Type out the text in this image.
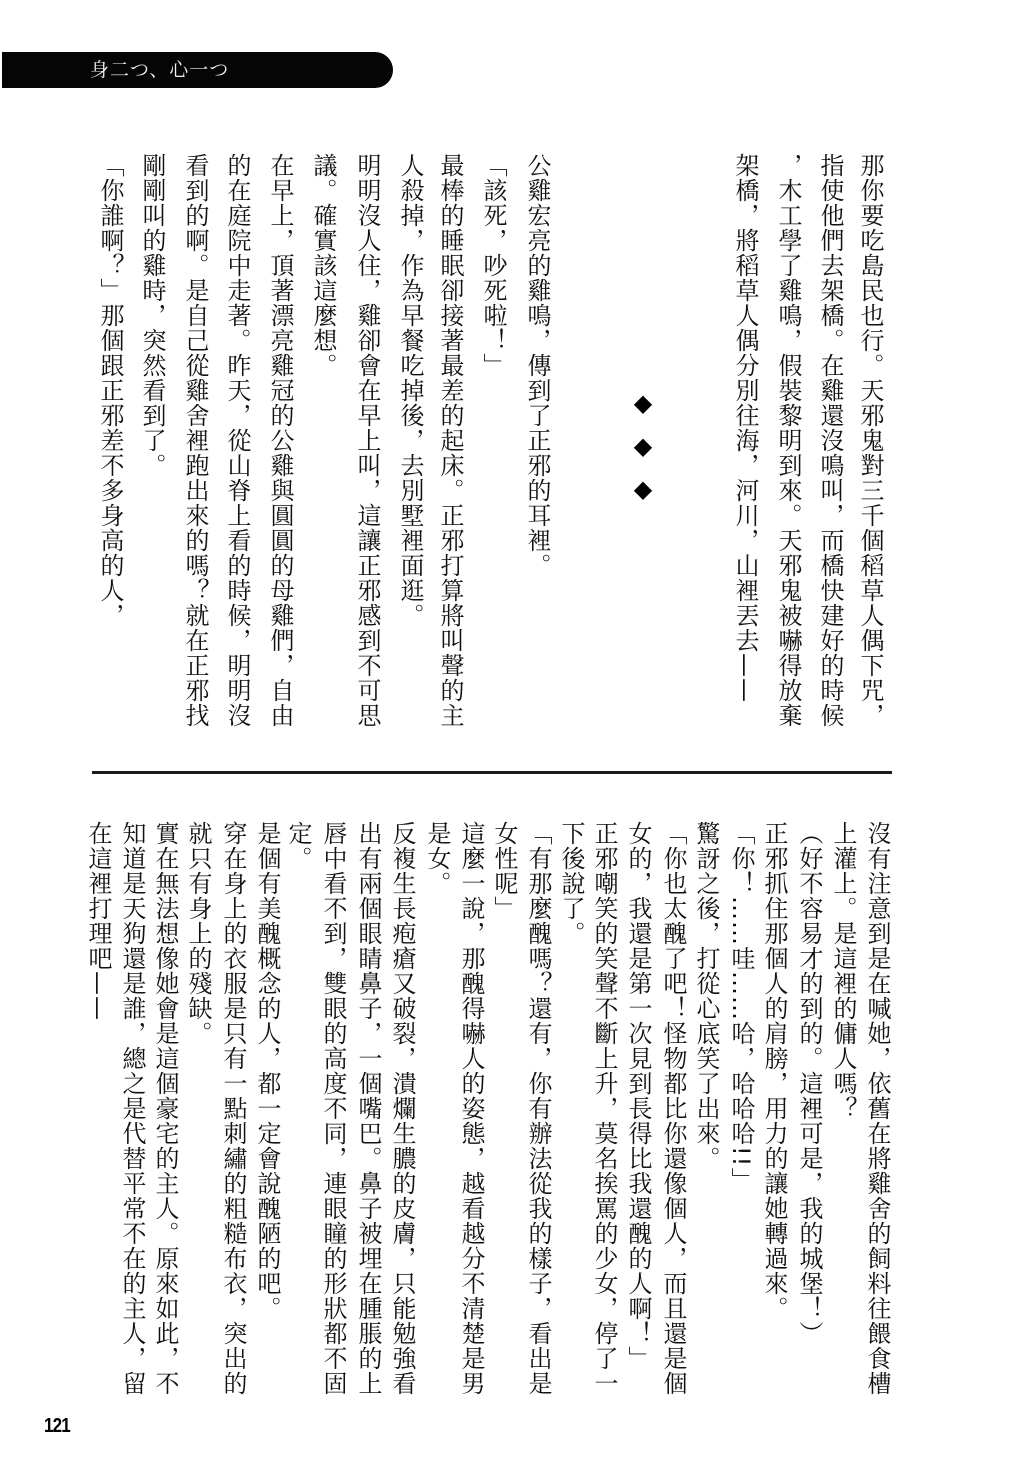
身二つ、心一つ
那你要吃島民也行。天邪鬼對三千個稻草人偶下咒，
指使他們去架橋。在雞還沒鳴叫，而橋快建好的時候
，木工學了雞鳴，假裝黎明到來。天邪鬼被嚇得放棄
架橋，將稻草人偶分別往海，河川，山裡丟去——
◆
◆
◆
公雞宏亮的雞鳴，傳到了正邪的耳裡。
「該死，吵死啦！」
最棒的睡眠卻接著最差的起床。正邪打算將叫聲的主
人殺掉，作為早餐吃掉後，去別墅裡面逛。
明明沒人住，雞卻會在早上叫，這讓正邪感到不可思
議。確實該這麼想。
在早上，頂著漂亮雞冠的公雞與圓圓的母雞們，自由
的在庭院中走著。昨天，從山脊上看的時候，明明沒
看到的啊。是自己從雞舍裡跑出來的嗎？就在正邪找
剛剛叫的雞時，突然看到了。
「你誰啊？」那個跟正邪差不多身高的人，
沒有注意到是在喊她，依舊在將雞舍的飼料往餵食槽
上灌上。是這裡的傭人嗎？
（好不容易才的到的。這裡可是，我的城堡！）
正邪抓住那個人的肩膀，用力的讓她轉過來。
「你！……哇……哈，哈哈哈!!」
驚訝之後，打從心底笑了出來。
「你也太醜了吧！怪物都比你還像個人，而且還是個
女的，我還是第一次見到長得比我還醜的人啊！」
正邪嘲笑的笑聲不斷上升，莫名挨罵的少女，停了一
下後說了。
「有那麼醜嗎？還有，你有辦法從我的樣子，看出是
女性呢」
這麼一說，那醜得嚇人的姿態，越看越分不清楚是男
是女。
反複生長疱瘡又破裂，潰爛生膿的皮膚，只能勉強看
出有兩個眼睛鼻子，一個嘴巴。鼻子被埋在腫脹的上
唇中看不到，雙眼的高度不同，連眼瞳的形狀都不固
定。
是個有美醜概念的人，都一定會說醜陋的吧。
穿在身上的衣服是只有一點刺繡的粗糙布衣，突出的
就只有身上的殘缺。
實在無法想像她會是這個豪宅的主人。原來如此，不
知道是天狗還是誰，總之是代替平常不在的主人，留
在這裡打理吧——
121
